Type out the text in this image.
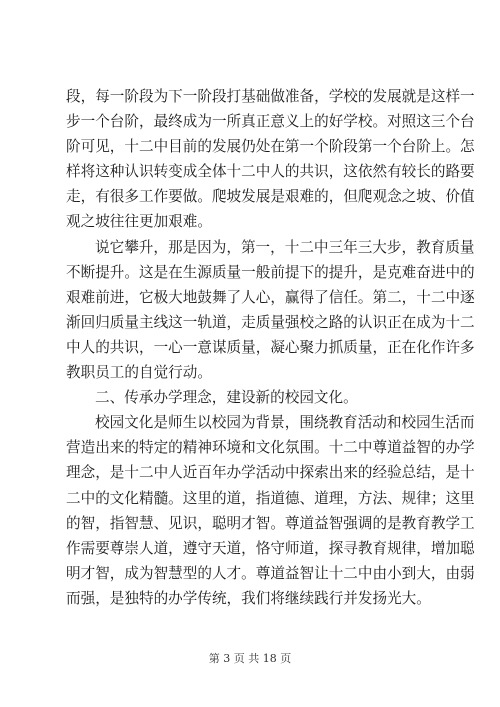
段，每一阶段为下一阶段打基础做准备，学校的发展就是这样一
步一个台阶，最终成为一所真正意义上的好学校。对照这三个台
阶可见，十二中目前的发展仍处在第一个阶段第一个台阶上。怎
样将这种认识转变成全体十二中人的共识，这依然有较长的路要
走，有很多工作要做。爬坡发展是艰难的，但爬观念之坡、价值
观之坡往往更加艰难。
说它攀升，那是因为，第一，十二中三年三大步，教育质量
不断提升。这是在生源质量一般前提下的提升，是克难奋进中的
艰难前进，它极大地鼓舞了人心，赢得了信任。第二，十二中逐
渐回归质量主线这一轨道，走质量强校之路的认识正在成为十二
中人的共识，一心一意谋质量，凝心聚力抓质量，正在化作许多
教职员工的自觉行动。
二、传承办学理念，建设新的校园文化。
校园文化是师生以校园为背景，围绕教育活动和校园生活而
营造出来的特定的精神环境和文化氛围。十二中尊道益智的办学
理念，是十二中人近百年办学活动中探索出来的经验总结，是十
二中的文化精髓。这里的道，指道德、道理，方法、规律；这里
的智，指智慧、见识，聪明才智。尊道益智强调的是教育教学工
作需要尊崇人道，遵守天道，恪守师道，探寻教育规律，增加聪
明才智，成为智慧型的人才。尊道益智让十二中由小到大，由弱
而强，是独特的办学传统，我们将继续践行并发扬光大。
第 3 页 共 18 页
